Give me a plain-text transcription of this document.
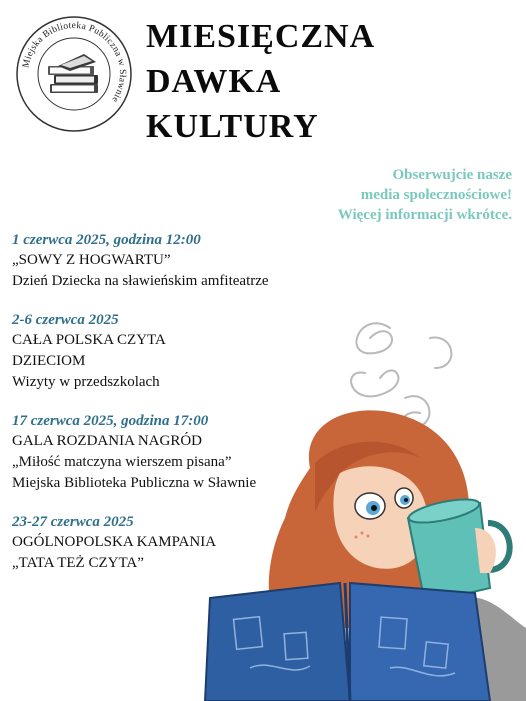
Miejska Biblioteka Publiczna w Sławnie
MIESIĘCZNA
DAWKA
KULTURY
Obserwujcie nasze
media społecznościowe!
Więcej informacji wkrótce.
1 czerwca 2025, godzina 12:00
„SOWY Z HOGWARTU”
Dzień Dziecka na sławieńskim amfiteatrze
2-6 czerwca 2025
CAŁA POLSKA CZYTA
DZIECIOM
Wizyty w przedszkolach
17 czerwca 2025, godzina 17:00
GALA ROZDANIA NAGRÓD
„Miłość matczyna wierszem pisana”
Miejska Biblioteka Publiczna w Sławnie
23-27 czerwca 2025
OGÓLNOPOLSKA KAMPANIA
„TATA TEŻ CZYTA”
